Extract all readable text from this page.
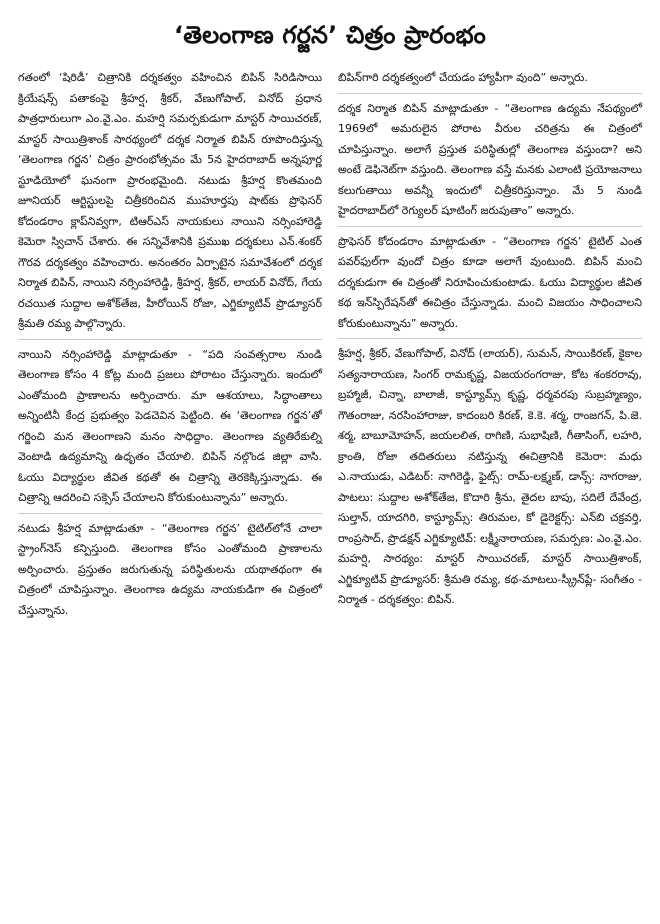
‘తెలంగాణ గర్జన’ చిత్రం ప్రారంభం

గతంలో ‘షిరిడీ’ చిత్రానికి దర్శకత్వం వహించిన బిపిన్ సిరిడిసాయి క్రియేషన్స్ పతాకంపై శ్రీహర్ష, శ్రీకర్, వేణుగోపాల్, వినోద్ ప్రధాన పాత్రధారులుగా ఎం.వై.ఎం. మహర్షి సమర్పకుడుగా మాస్టర్ సాయిచరణ్, మాస్టర్ సాయిత్రిశాంక్ సారథ్యంలో దర్శక నిర్మాత బిపిన్ రూపొందిస్తున్న ‘తెలంగాణ గర్జన’ చిత్రం ప్రారంభోత్సవం మే 5న హైదరాబాద్ అన్నపూర్ణ స్టూడియోలో ఘనంగా ప్రారంభమైంది. నటుడు శ్రీహర్ష కొంతమంది జూనియర్ ఆర్టిస్టులపై చిత్రీకరించిన ముహూర్తపు షాట్‌కు ప్రొఫెసర్ కోదండరాం క్లాప్‌నివ్వగా, టిఆర్ఎస్ నాయకులు నాయిని నర్సింహారెడ్డి కెమెరా స్విచాన్ చేశారు. ఈ సన్నివేశానికి ప్రముఖ దర్శకులు ఎన్.శంకర్ గౌరవ దర్శకత్వం వహించారు. అనంతరం ఏర్పాటైన సమావేశంలో దర్శక నిర్మాత బిపిన్, నాయిని నర్సింహారెడ్డి, శ్రీహర్ష, శ్రీకర్, లాయర్ వినోద్, గేయ రచయిత సుద్దాల అశోక్‌తేజ, హీరోయిన్ రోజా, ఎగ్జిక్యూటివ్ ప్రొడ్యూసర్ శ్రీమతి రమ్య పాల్గొన్నారు.

నాయిని నర్సింహారెడ్డి మాట్లాడుతూ - “పది సంవత్సరాల నుండి తెలంగాణ కోసం 4 కోట్ల మంది ప్రజలు పోరాటం చేస్తున్నారు. ఇందులో ఎంతోమంది ప్రాణాలను అర్పించారు. మా ఆశయాలు, సిద్ధాంతాలు అన్నింటినీ కేంద్ర ప్రభుత్వం పెడచెవిన పెట్టింది. ఈ ‘తెలంగాణ గర్జన’తో గర్జించి మన తెలంగాణని మనం సాధిద్దాం. తెలంగాణ వ్యతిరేకుల్ని వెంటాడి ఉద్యమాన్ని ఉధృతం చేయాలి. బిపిన్ నల్గొండ జిల్లా వాసి. ఓయు విద్యార్థుల జీవిత కథతో ఈ చిత్రాన్ని తెరకెక్కిస్తున్నాడు. ఈ చిత్రాన్ని ఆదరించి సక్సెస్ చేయాలని కోరుకుంటున్నాను” అన్నారు.

నటుడు శ్రీహర్ష మాట్లాడుతూ - “తెలంగాణ గర్జన’ టైటిల్‌లోనే చాలా స్ట్రాంగ్‌నెస్ కన్పిస్తుంది. తెలంగాణ కోసం ఎంతోమంది ప్రాణాలను అర్పించారు. ప్రస్తుతం జరుగుతున్న పరిస్థితులను యథాతథంగా ఈ చిత్రంలో చూపిస్తున్నాం. తెలంగాణ ఉద్యమ నాయకుడిగా ఈ చిత్రంలో చేస్తున్నాను.

బిపిన్‌గారి దర్శకత్వంలో చేయడం హ్యాపీగా వుంది” అన్నారు.

దర్శక నిర్మాత బిపిన్ మాట్లాడుతూ - “తెలంగాణ ఉద్యమ నేపథ్యంలో 1969లో అమరులైన పోరాట వీరుల చరిత్రను ఈ చిత్రంలో చూపిస్తున్నాం. అలాగే ప్రస్తుత పరిస్థితుల్లో తెలంగాణ వస్తుందా? అని అంటే డెఫినెట్‌గా వస్తుంది. తెలంగాణ వస్తే మనకు ఎలాంటి ప్రయోజనాలు కలుగుతాయి అవన్నీ ఇందులో చిత్రీకరిస్తున్నాం. మే 5 నుండి హైదరాబాద్‌లో రెగ్యులర్ షూటింగ్ జరుపుతాం” అన్నారు.

ప్రొఫెసర్ కోదండరాం మాట్లాడుతూ - “తెలంగాణ గర్జన’ టైటిల్ ఎంత పవర్‌ఫుల్‌గా వుందో చిత్రం కూడా అలాగే వుంటుంది. బిపిన్ మంచి దర్శకుడుగా ఈ చిత్రంతో నిరూపించుకుంటాడు. ఓయు విద్యార్థుల జీవిత కథ ఇన్‌స్పిరేషన్‌తో ఈచిత్రం చేస్తున్నాడు. మంచి విజయం సాధించాలని కోరుకుంటున్నాను” అన్నారు.

శ్రీహర్ష, శ్రీకర్, వేణుగోపాల్, వినోద్ (లాయర్), సుమన్, సాయికిరణ్, కైకాల సత్యనారాయణ, సింగర్ రామకృష్ణ, విజయరంగరాజు, కోట శంకరరావు, బ్రహ్మాజీ, చిన్నా, బాలాజీ, కాస్ట్యూమ్స్ కృష్ణ, ధర్మవరపు సుబ్రహ్మణ్యం, గౌతంరాజు, నరసింహారాజు, కాదంబరి కిరణ్, కె.కె. శర్మ, రాంజగన్, పి.జె. శర్మ, బాబూమోహన్, జయలలిత, రాగిణి, సుభాషిణి, గీతాసింగ్, లహరి, క్రాంతి, రోజా తదితరులు నటిస్తున్న ఈచిత్రానికి కెమెరా: మధు ఎ.నాయుడు, ఎడిటర్: నాగిరెడ్డి, ఫైట్స్: రామ్-లక్ష్మణ్, డాన్స్: నాగరాజు, పాటలు: సుద్దాల అశోక్‌తేజ, కొదారి శ్రీను, తైదల బాపు, సదిలే దేవేంద్ర, సుల్తాన్, యాదగిరి, కాస్ట్యూమ్స్: తిరుమల, కో డైరెక్టర్స్: ఎన్‌బి చక్రవర్తి, రాంప్రసాద్, ప్రొడక్షన్ ఎగ్జిక్యూటివ్: లక్ష్మీనారాయణ, సమర్పణ: ఎం.వై.ఎం. మహర్షి, సారథ్యం: మాస్టర్ సాయిచరణ్, మాస్టర్ సాయిత్రిశాంక్, ఎగ్జిక్యూటివ్ ప్రొడ్యూసర్: శ్రీమతి రమ్య, కథ-మాటలు-స్క్రీన్‌ప్లే- సంగీతం - నిర్మాత - దర్శకత్వం: బిపిన్.
